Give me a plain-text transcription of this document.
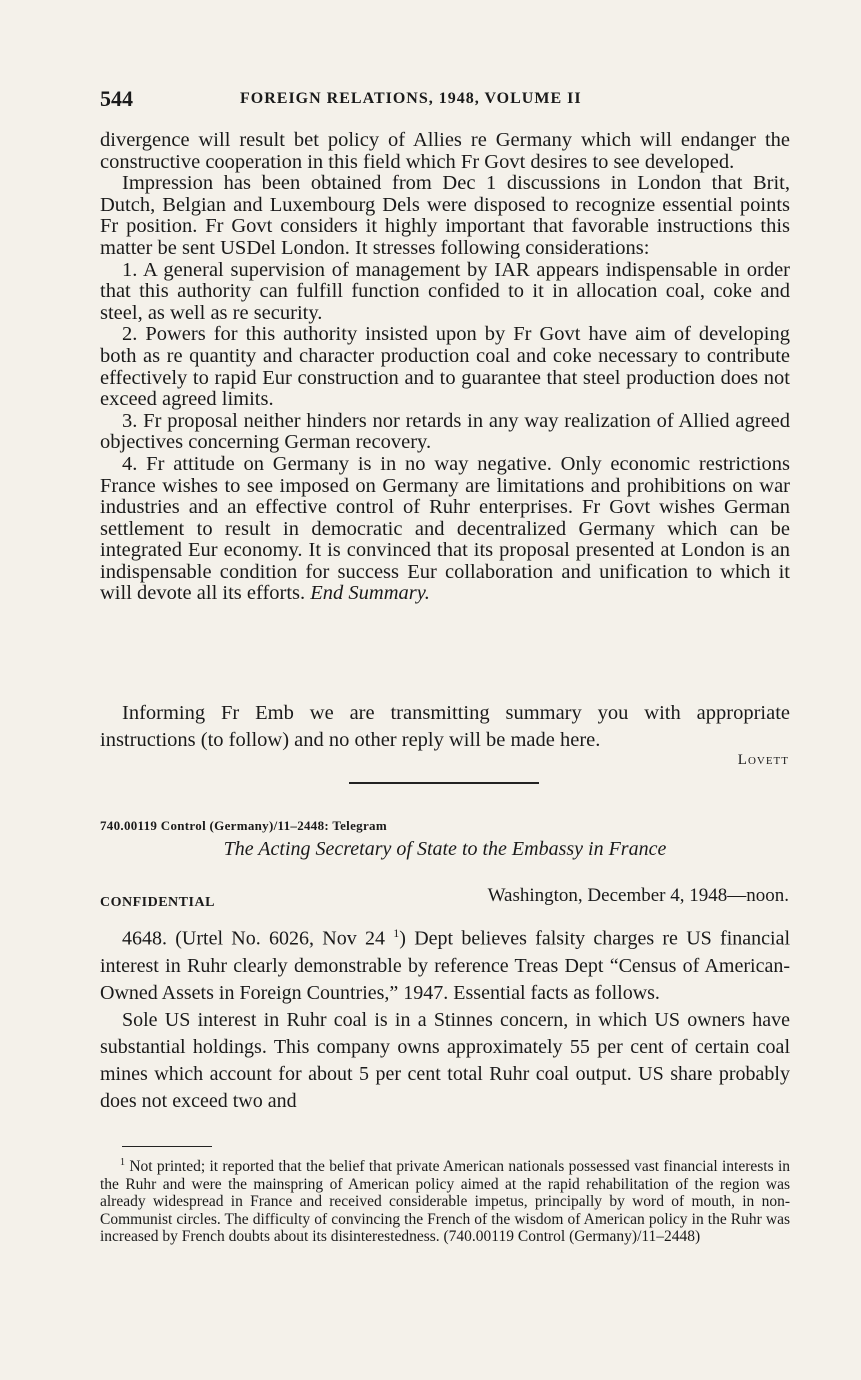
544	FOREIGN RELATIONS, 1948, VOLUME II

divergence will result bet policy of Allies re Germany which will endanger the constructive cooperation in this field which Fr Govt desires to see developed.

Impression has been obtained from Dec 1 discussions in London that Brit, Dutch, Belgian and Luxembourg Dels were disposed to recognize essential points Fr position. Fr Govt considers it highly important that favorable instructions this matter be sent USDel London. It stresses following considerations:

1. A general supervision of management by IAR appears indispensable in order that this authority can fulfill function confided to it in allocation coal, coke and steel, as well as re security.

2. Powers for this authority insisted upon by Fr Govt have aim of developing both as re quantity and character production coal and coke necessary to contribute effectively to rapid Eur construction and to guarantee that steel production does not exceed agreed limits.

3. Fr proposal neither hinders nor retards in any way realization of Allied agreed objectives concerning German recovery.

4. Fr attitude on Germany is in no way negative. Only economic restrictions France wishes to see imposed on Germany are limitations and prohibitions on war industries and an effective control of Ruhr enterprises. Fr Govt wishes German settlement to result in democratic and decentralized Germany which can be integrated Eur economy. It is convinced that its proposal presented at London is an indispensable condition for success Eur collaboration and unification to which it will devote all its efforts. End Summary.

Informing Fr Emb we are transmitting summary you with appropriate instructions (to follow) and no other reply will be made here.

Lovett
740.00119 Control (Germany)/11–2448: Telegram
The Acting Secretary of State to the Embassy in France
CONFIDENTIAL	Washington, December 4, 1948—noon.

4648. (Urtel No. 6026, Nov 24 $^1$) Dept believes falsity charges re US financial interest in Ruhr clearly demonstrable by reference Treas Dept “Census of American-Owned Assets in Foreign Countries,” 1947. Essential facts as follows.

Sole US interest in Ruhr coal is in a Stinnes concern, in which US owners have substantial holdings. This company owns approximately 55 per cent of certain coal mines which account for about 5 per cent total Ruhr coal output. US share probably does not exceed two and

$^1$ Not printed; it reported that the belief that private American nationals possessed vast financial interests in the Ruhr and were the mainspring of American policy aimed at the rapid rehabilitation of the region was already widespread in France and received considerable impetus, principally by word of mouth, in non-Communist circles. The difficulty of convincing the French of the wisdom of American policy in the Ruhr was increased by French doubts about its disinterestedness. (740.00119 Control (Germany)/11–2448)
